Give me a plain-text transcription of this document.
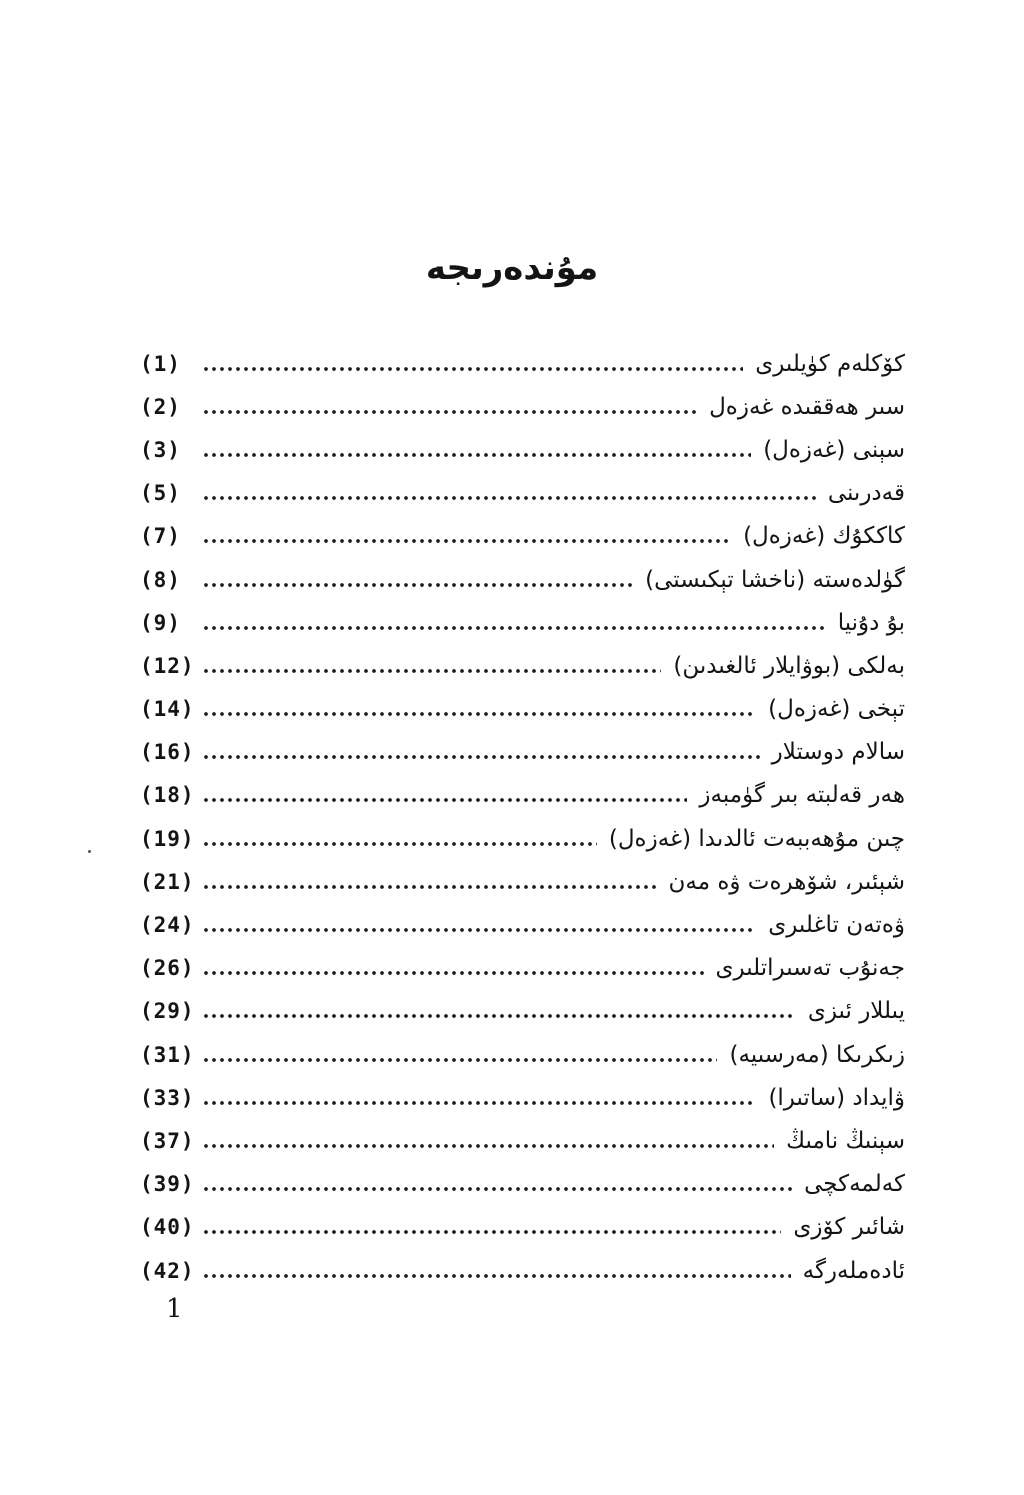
مۇندەرىجە
(1)	كۆكلەم كۈيلىرى
(2)	سىر ھەققىدە غەزەل
(3)	سېنى (غەزەل)
(5)	قەدرىنى
(7)	كاككۇك (غەزەل)
(8)	گۈلدەستە (ناخشا تېكىستى)
(9)	بۇ دۇنيا
(12)	بەلكى (بوۋايلار ئالغىدىن)
(14)	تېخى (غەزەل)
(16)	سالام دوستلار
(18)	ھەر قەلبتە بىر گۈمبەز
(19)	چىن مۇھەببەت ئالدىدا (غەزەل)
(21)	شېئىر، شۆھرەت ۋە مەن
(24)	ۋەتەن تاغلىرى
(26)	جەنۇب تەسىراتلىرى
(29)	يىللار ئىزى
(31)	زىكرىكا (مەرسىيە)
(33)	ۋايداد (ساتىرا)
(37)	سېنىڭ نامىڭ
(39)	كەلمەكچى
(40)	شائىر كۆزى
(42)	ئادەملەرگە
1
